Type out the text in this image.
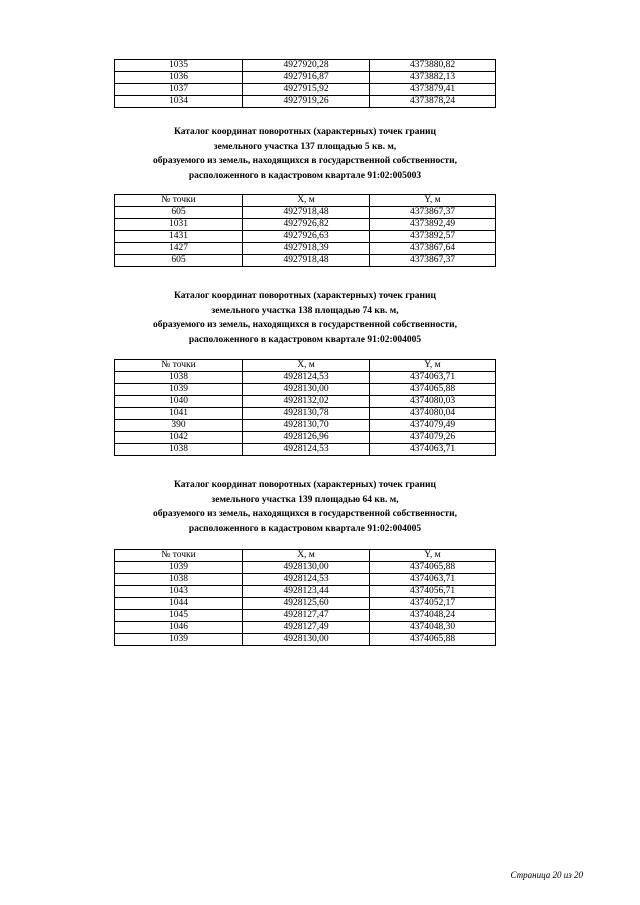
1035	4927920,28	4373880,82
1036	4927916,87	4373882,13
1037	4927915,92	4373879,41
1034	4927919,26	4373878,24
Каталог координат поворотных (характерных) точек границ
земельного участка 137 площадью 5 кв. м,
образуемого из земель, находящихся в государственной собственности,
расположенного в кадастровом квартале 91:02:005003
№ точки	X, м	Y, м
605	4927918,48	4373867,37
1031	4927926,82	4373892,49
1431	4927926,63	4373892,57
1427	4927918,39	4373867,64
605	4927918,48	4373867,37
Каталог координат поворотных (характерных) точек границ
земельного участка 138 площадью 74 кв. м,
образуемого из земель, находящихся в государственной собственности,
расположенного в кадастровом квартале 91:02:004005
№ точки	X, м	Y, м
1038	4928124,53	4374063,71
1039	4928130,00	4374065,88
1040	4928132,02	4374080,03
1041	4928130,78	4374080,04
390	4928130,70	4374079,49
1042	4928126,96	4374079,26
1038	4928124,53	4374063,71
Каталог координат поворотных (характерных) точек границ
земельного участка 139 площадью 64 кв. м,
образуемого из земель, находящихся в государственной собственности,
расположенного в кадастровом квартале 91:02:004005
№ точки	X, м	Y, м
1039	4928130,00	4374065,88
1038	4928124,53	4374063,71
1043	4928123,44	4374056,71
1044	4928125,60	4374052,17
1045	4928127,47	4374048,24
1046	4928127,49	4374048,30
1039	4928130,00	4374065,88
Страница 20 из 20
